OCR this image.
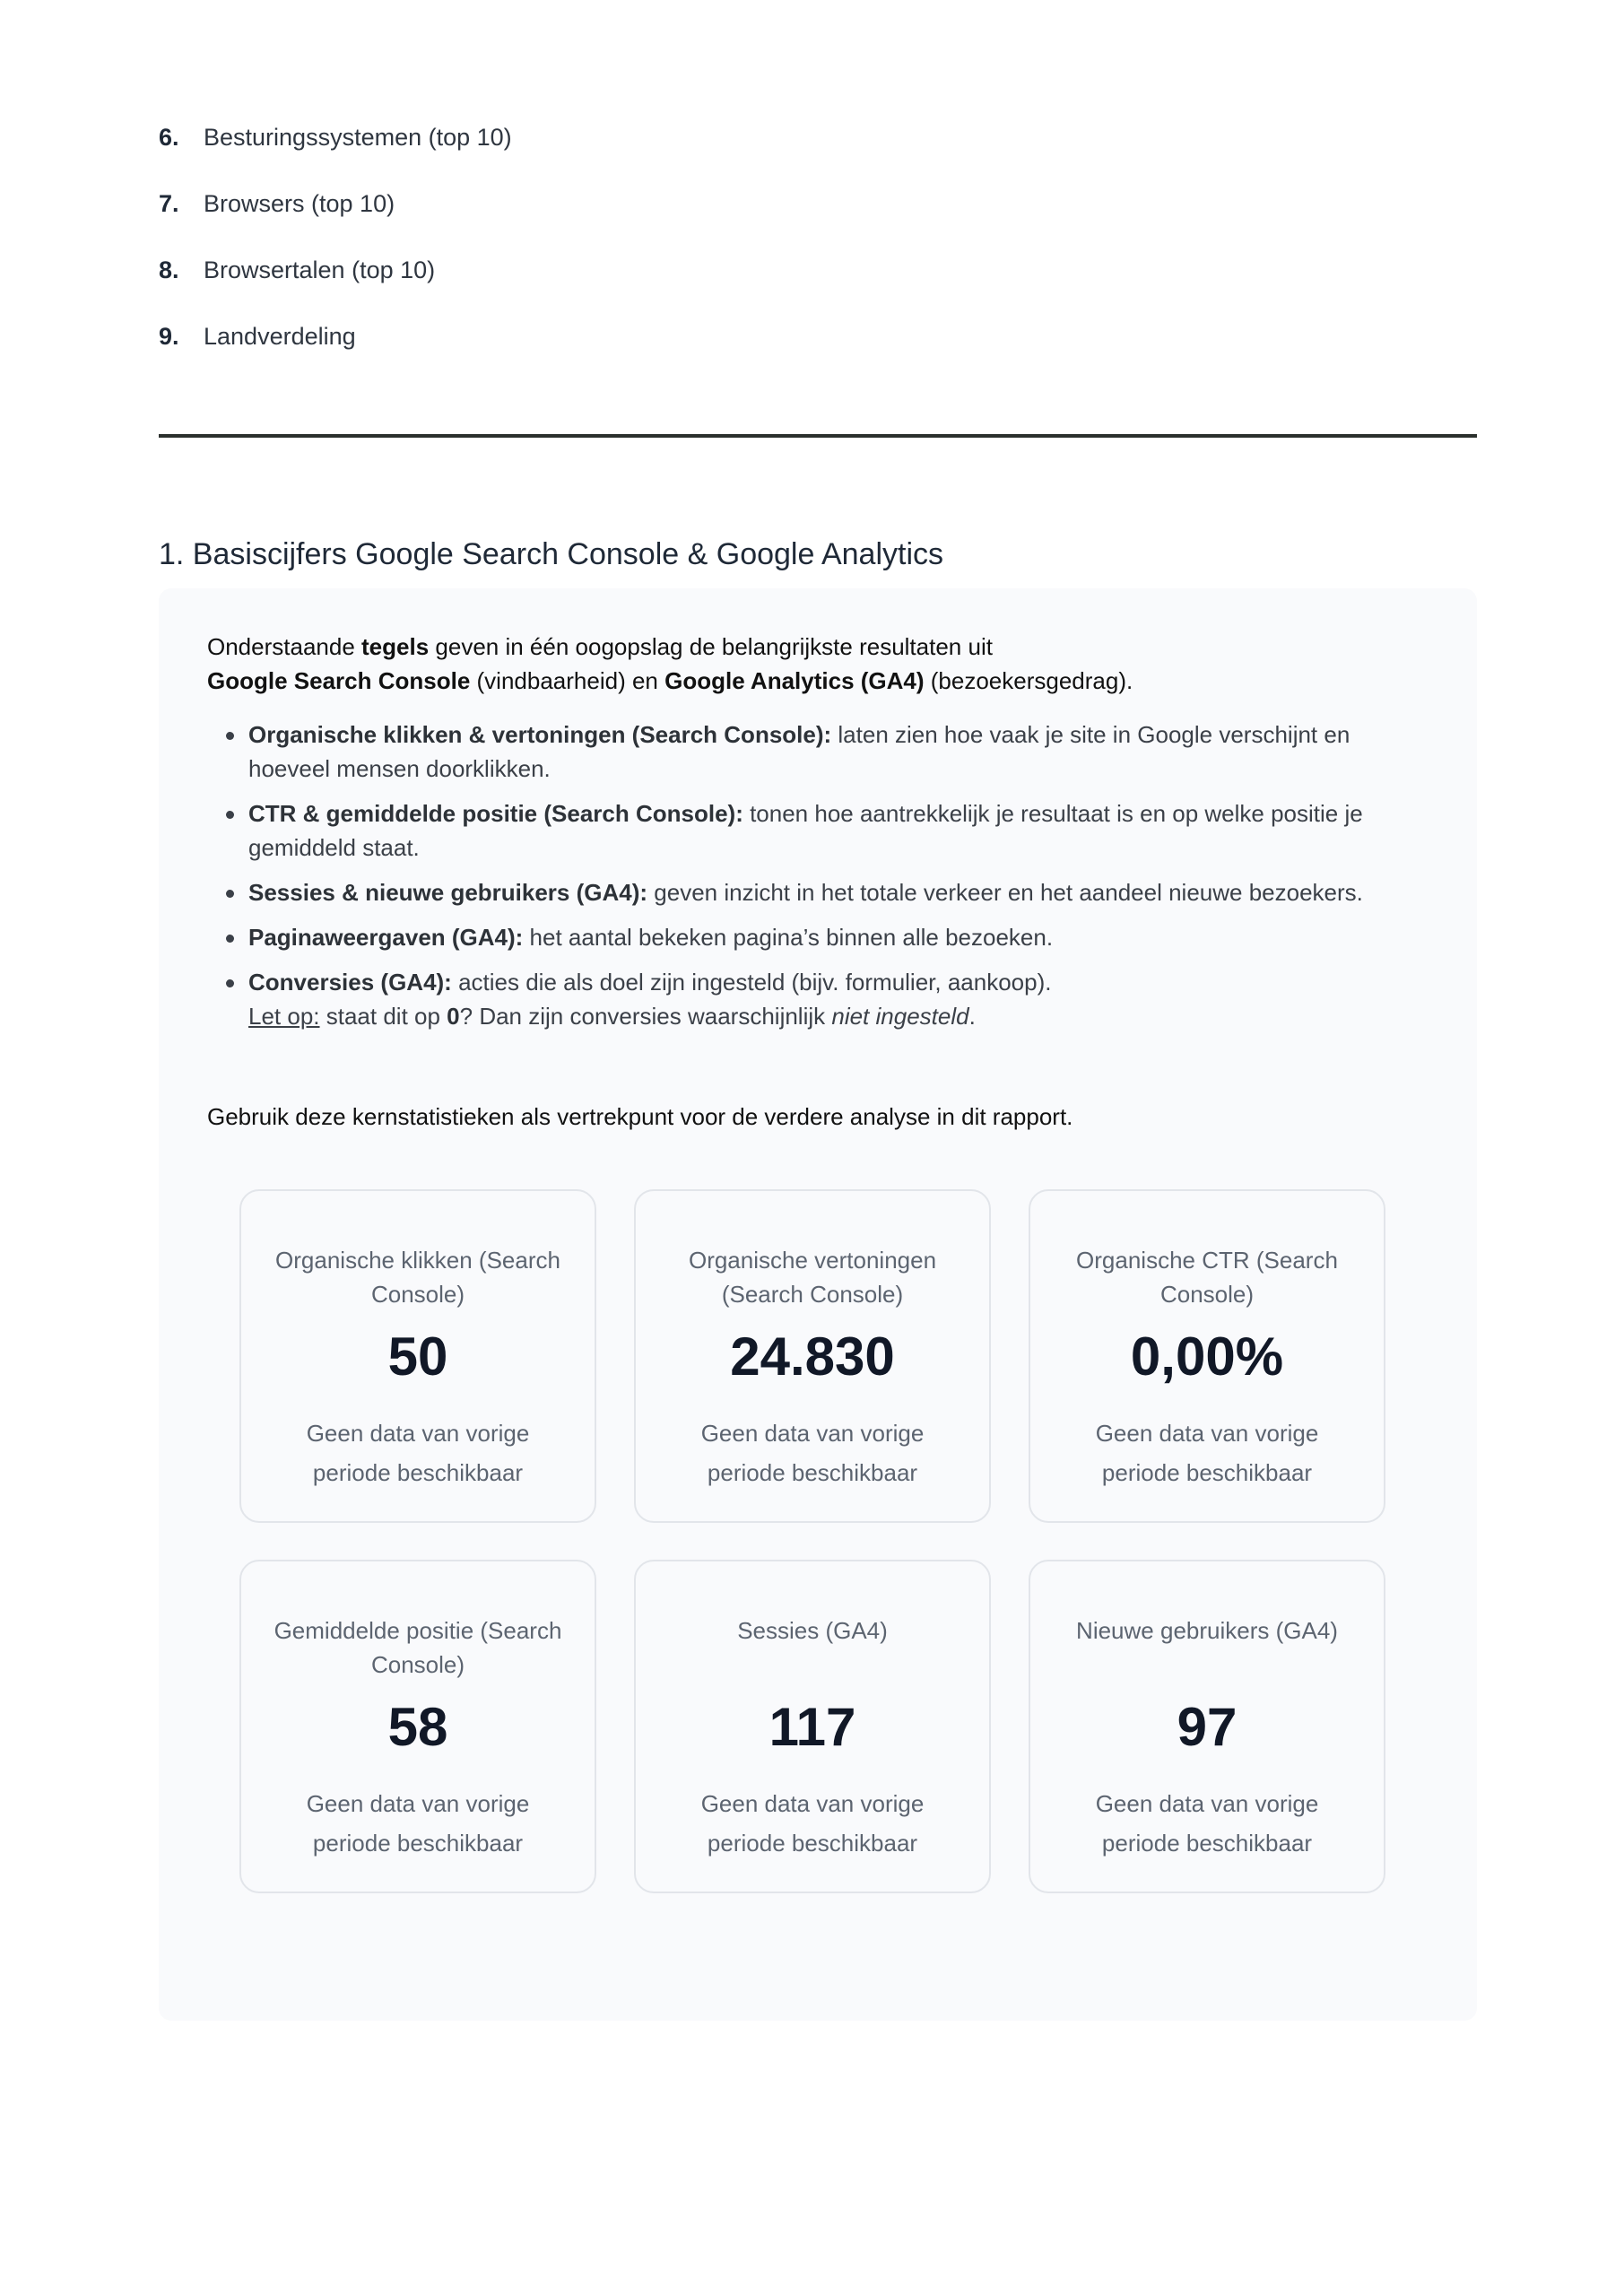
6.	Besturingssystemen (top 10)
7.	Browsers (top 10)
8.	Browsertalen (top 10)
9.	Landverdeling
1. Basiscijfers Google Search Console & Google Analytics

Onderstaande tegels geven in één oogopslag de belangrijkste resultaten uit
Google Search Console (vindbaarheid) en Google Analytics (GA4) (bezoekersgedrag).

Organische klikken & vertoningen (Search Console): laten zien hoe vaak je site in Google verschijnt en hoeveel mensen doorklikken.
CTR & gemiddelde positie (Search Console): tonen hoe aantrekkelijk je resultaat is en op welke positie je gemiddeld staat.
Sessies & nieuwe gebruikers (GA4): geven inzicht in het totale verkeer en het aandeel nieuwe bezoekers.
Paginaweergaven (GA4): het aantal bekeken pagina’s binnen alle bezoeken.
Conversies (GA4): acties die als doel zijn ingesteld (bijv. formulier, aankoop).
Let op: staat dit op 0? Dan zijn conversies waarschijnlijk niet ingesteld.

Gebruik deze kernstatistieken als vertrekpunt voor de verdere analyse in dit rapport.

Organische klikken (Search Console)
50
Geen data van vorige periode beschikbaar
Organische vertoningen (Search Console)
24.830
Geen data van vorige periode beschikbaar
Organische CTR (Search Console)
0,00%
Geen data van vorige periode beschikbaar
Gemiddelde positie (Search Console)
58
Geen data van vorige periode beschikbaar
Sessies (GA4)
117
Geen data van vorige periode beschikbaar
Nieuwe gebruikers (GA4)
97
Geen data van vorige periode beschikbaar
